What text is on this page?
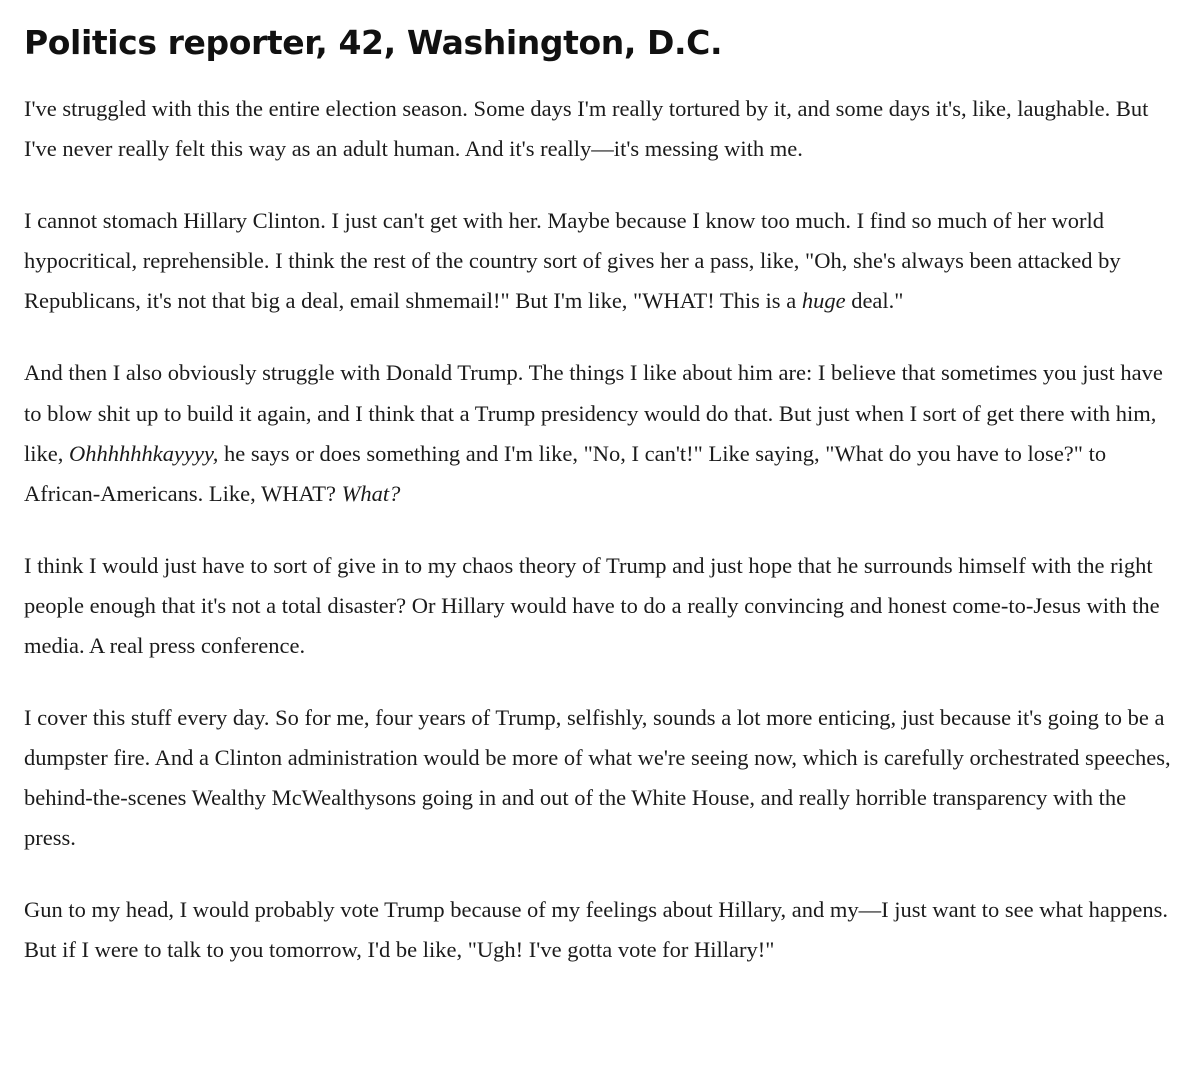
Politics reporter, 42, Washington, D.C.

I've struggled with this the entire election season. Some days I'm really tortured by it, and some days it's, like, laughable. But I've never really felt this way as an adult human. And it's really—it's messing with me.

I cannot stomach Hillary Clinton. I just can't get with her. Maybe because I know too much. I find so much of her world hypocritical, reprehensible. I think the rest of the country sort of gives her a pass, like, "Oh, she's always been attacked by Republicans, it's not that big a deal, email shmemail!" But I'm like, "WHAT! This is a huge deal."

And then I also obviously struggle with Donald Trump. The things I like about him are: I believe that sometimes you just have to blow shit up to build it again, and I think that a Trump presidency would do that. But just when I sort of get there with him, like, Ohhhhhhkayyyy, he says or does something and I'm like, "No, I can't!" Like saying, "What do you have to lose?" to African-Americans. Like, WHAT? What?

I think I would just have to sort of give in to my chaos theory of Trump and just hope that he surrounds himself with the right people enough that it's not a total disaster? Or Hillary would have to do a really convincing and honest come-to-Jesus with the media. A real press conference.

I cover this stuff every day. So for me, four years of Trump, selfishly, sounds a lot more enticing, just because it's going to be a dumpster fire. And a Clinton administration would be more of what we're seeing now, which is carefully orchestrated speeches, behind-the-scenes Wealthy McWealthysons going in and out of the White House, and really horrible transparency with the press.

Gun to my head, I would probably vote Trump because of my feelings about Hillary, and my—I just want to see what happens. But if I were to talk to you tomorrow, I'd be like, "Ugh! I've gotta vote for Hillary!"
